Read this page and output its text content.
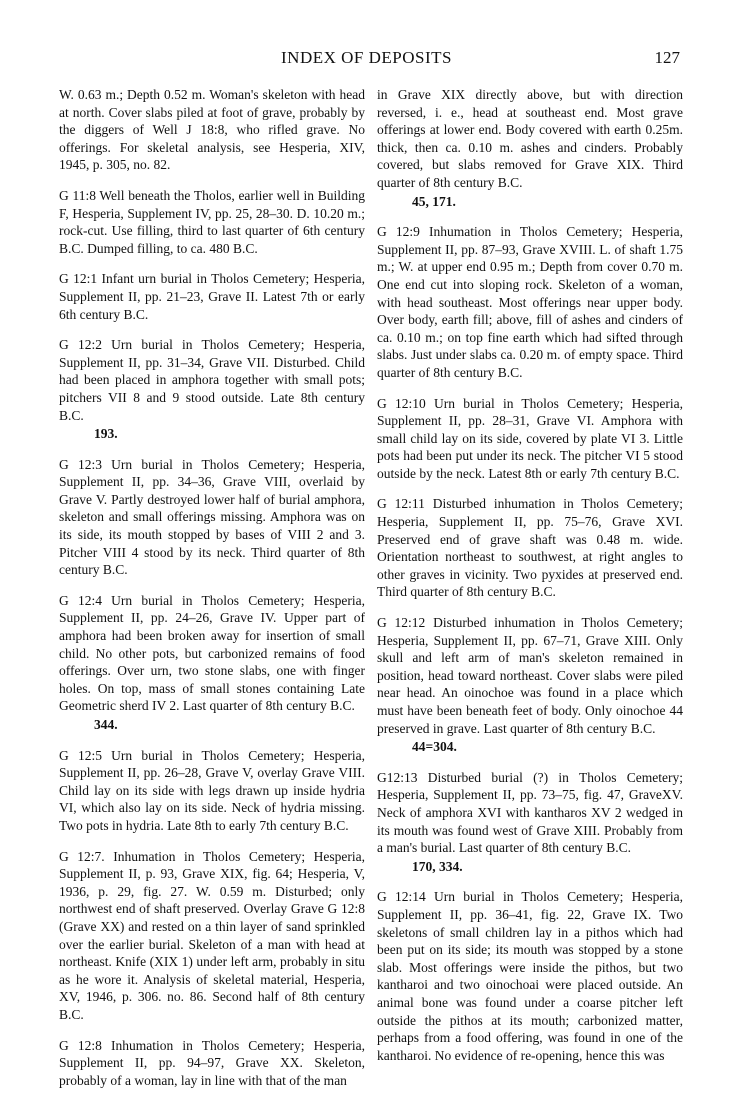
INDEX OF DEPOSITS	127

W. 0.63 m.; Depth 0.52 m. Woman's skeleton with head at north. Cover slabs piled at foot of grave, probably by the diggers of Well J 18:8, who rifled grave. No offerings. For skeletal analysis, see Hesperia, XIV, 1945, p. 305, no. 82.

G 11:8 Well beneath the Tholos, earlier well in Building F, Hesperia, Supplement IV, pp. 25, 28–30. D. 10.20 m.; rock-cut. Use filling, third to last quarter of 6th century B.C. Dumped filling, to ca. 480 B.C.

G 12:1 Infant urn burial in Tholos Cemetery; Hesperia, Supplement II, pp. 21–23, Grave II. Latest 7th or early 6th century B.C.

G 12:2 Urn burial in Tholos Cemetery; Hesperia, Supplement II, pp. 31–34, Grave VII. Disturbed. Child had been placed in amphora together with small pots; pitchers VII 8 and 9 stood outside. Late 8th century B.C.
193.

G 12:3 Urn burial in Tholos Cemetery; Hesperia, Supplement II, pp. 34–36, Grave VIII, overlaid by Grave V. Partly destroyed lower half of burial amphora, skeleton and small offerings missing. Amphora was on its side, its mouth stopped by bases of VIII 2 and 3. Pitcher VIII 4 stood by its neck. Third quarter of 8th century B.C.

G 12:4 Urn burial in Tholos Cemetery; Hesperia, Supplement II, pp. 24–26, Grave IV. Upper part of amphora had been broken away for insertion of small child. No other pots, but carbonized remains of food offerings. Over urn, two stone slabs, one with finger holes. On top, mass of small stones containing Late Geometric sherd IV 2. Last quarter of 8th century B.C.
344.

G 12:5 Urn burial in Tholos Cemetery; Hesperia, Supplement II, pp. 26–28, Grave V, overlay Grave VIII. Child lay on its side with legs drawn up inside hydria VI, which also lay on its side. Neck of hydria missing. Two pots in hydria. Late 8th to early 7th century B.C.

G 12:7. Inhumation in Tholos Cemetery; Hesperia, Supplement II, p. 93, Grave XIX, fig. 64; Hesperia, V, 1936, p. 29, fig. 27. W. 0.59 m. Disturbed; only northwest end of shaft preserved. Overlay Grave G 12:8 (Grave XX) and rested on a thin layer of sand sprinkled over the earlier burial. Skeleton of a man with head at northeast. Knife (XIX 1) under left arm, probably in situ as he wore it. Analysis of skeletal material, Hesperia, XV, 1946, p. 306. no. 86. Second half of 8th century B.C.

G 12:8 Inhumation in Tholos Cemetery; Hesperia, Supplement II, pp. 94–97, Grave XX. Skeleton, probably of a woman, lay in line with that of the man

in Grave XIX directly above, but with direction reversed, i. e., head at southeast end. Most grave offerings at lower end. Body covered with earth 0.25m. thick, then ca. 0.10 m. ashes and cinders. Probably covered, but slabs removed for Grave XIX. Third quarter of 8th century B.C.
45, 171.

G 12:9 Inhumation in Tholos Cemetery; Hesperia, Supplement II, pp. 87–93, Grave XVIII. L. of shaft 1.75 m.; W. at upper end 0.95 m.; Depth from cover 0.70 m. One end cut into sloping rock. Skeleton of a woman, with head southeast. Most offerings near upper body. Over body, earth fill; above, fill of ashes and cinders of ca. 0.10 m.; on top fine earth which had sifted through slabs. Just under slabs ca. 0.20 m. of empty space. Third quarter of 8th century B.C.

G 12:10 Urn burial in Tholos Cemetery; Hesperia, Supplement II, pp. 28–31, Grave VI. Amphora with small child lay on its side, covered by plate VI 3. Little pots had been put under its neck. The pitcher VI 5 stood outside by the neck. Latest 8th or early 7th century B.C.

G 12:11 Disturbed inhumation in Tholos Cemetery; Hesperia, Supplement II, pp. 75–76, Grave XVI. Preserved end of grave shaft was 0.48 m. wide. Orientation northeast to southwest, at right angles to other graves in vicinity. Two pyxides at preserved end. Third quarter of 8th century B.C.

G 12:12 Disturbed inhumation in Tholos Cemetery; Hesperia, Supplement II, pp. 67–71, Grave XIII. Only skull and left arm of man's skeleton remained in position, head toward northeast. Cover slabs were piled near head. An oinochoe was found in a place which must have been beneath feet of body. Only oinochoe 44 preserved in grave. Last quarter of 8th century B.C.
44=304.

G12:13 Disturbed burial (?) in Tholos Cemetery; Hesperia, Supplement II, pp. 73–75, fig. 47, GraveXV. Neck of amphora XVI with kantharos XV 2 wedged in its mouth was found west of Grave XIII. Probably from a man's burial. Last quarter of 8th century B.C.
170, 334.

G 12:14 Urn burial in Tholos Cemetery; Hesperia, Supplement II, pp. 36–41, fig. 22, Grave IX. Two skeletons of small children lay in a pithos which had been put on its side; its mouth was stopped by a stone slab. Most offerings were inside the pithos, but two kantharoi and two oinochoai were placed outside. An animal bone was found under a coarse pitcher left outside the pithos at its mouth; carbonized matter, perhaps from a food offering, was found in one of the kantharoi. No evidence of re-opening, hence this was
